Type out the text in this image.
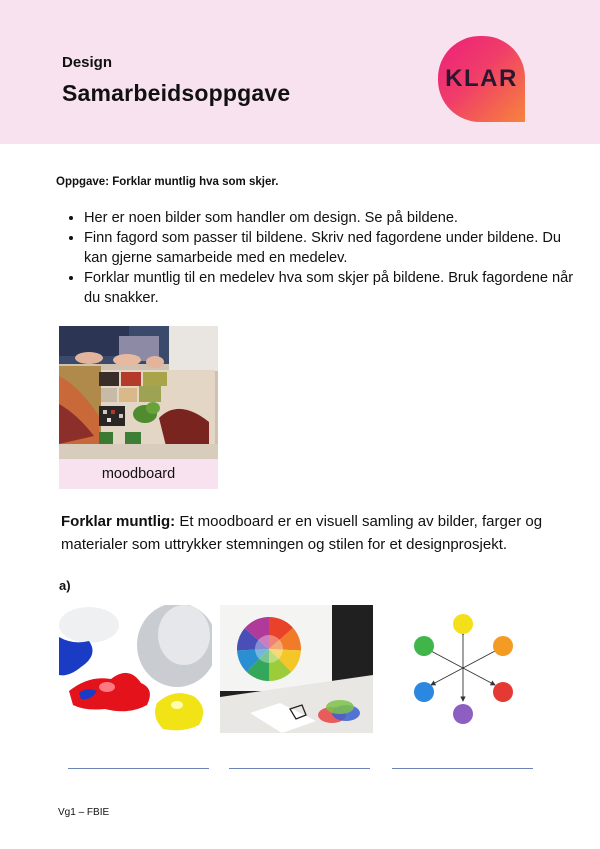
Design
Samarbeidsoppgave
KLAR
Oppgave: Forklar muntlig hva som skjer.
• Her er noen bilder som handler om design. Se på bildene.
• Finn fagord som passer til bildene. Skriv ned fagordene under bildene. Du kan gjerne samarbeide med en medelev.
• Forklar muntlig til en medelev hva som skjer på bildene. Bruk fagordene når du snakker.
moodboard
Forklar muntlig: Et moodboard er en visuell samling av bilder, farger og materialer som uttrykker stemningen og stilen for et designprosjekt.
a)
Vg1 – FBIE
